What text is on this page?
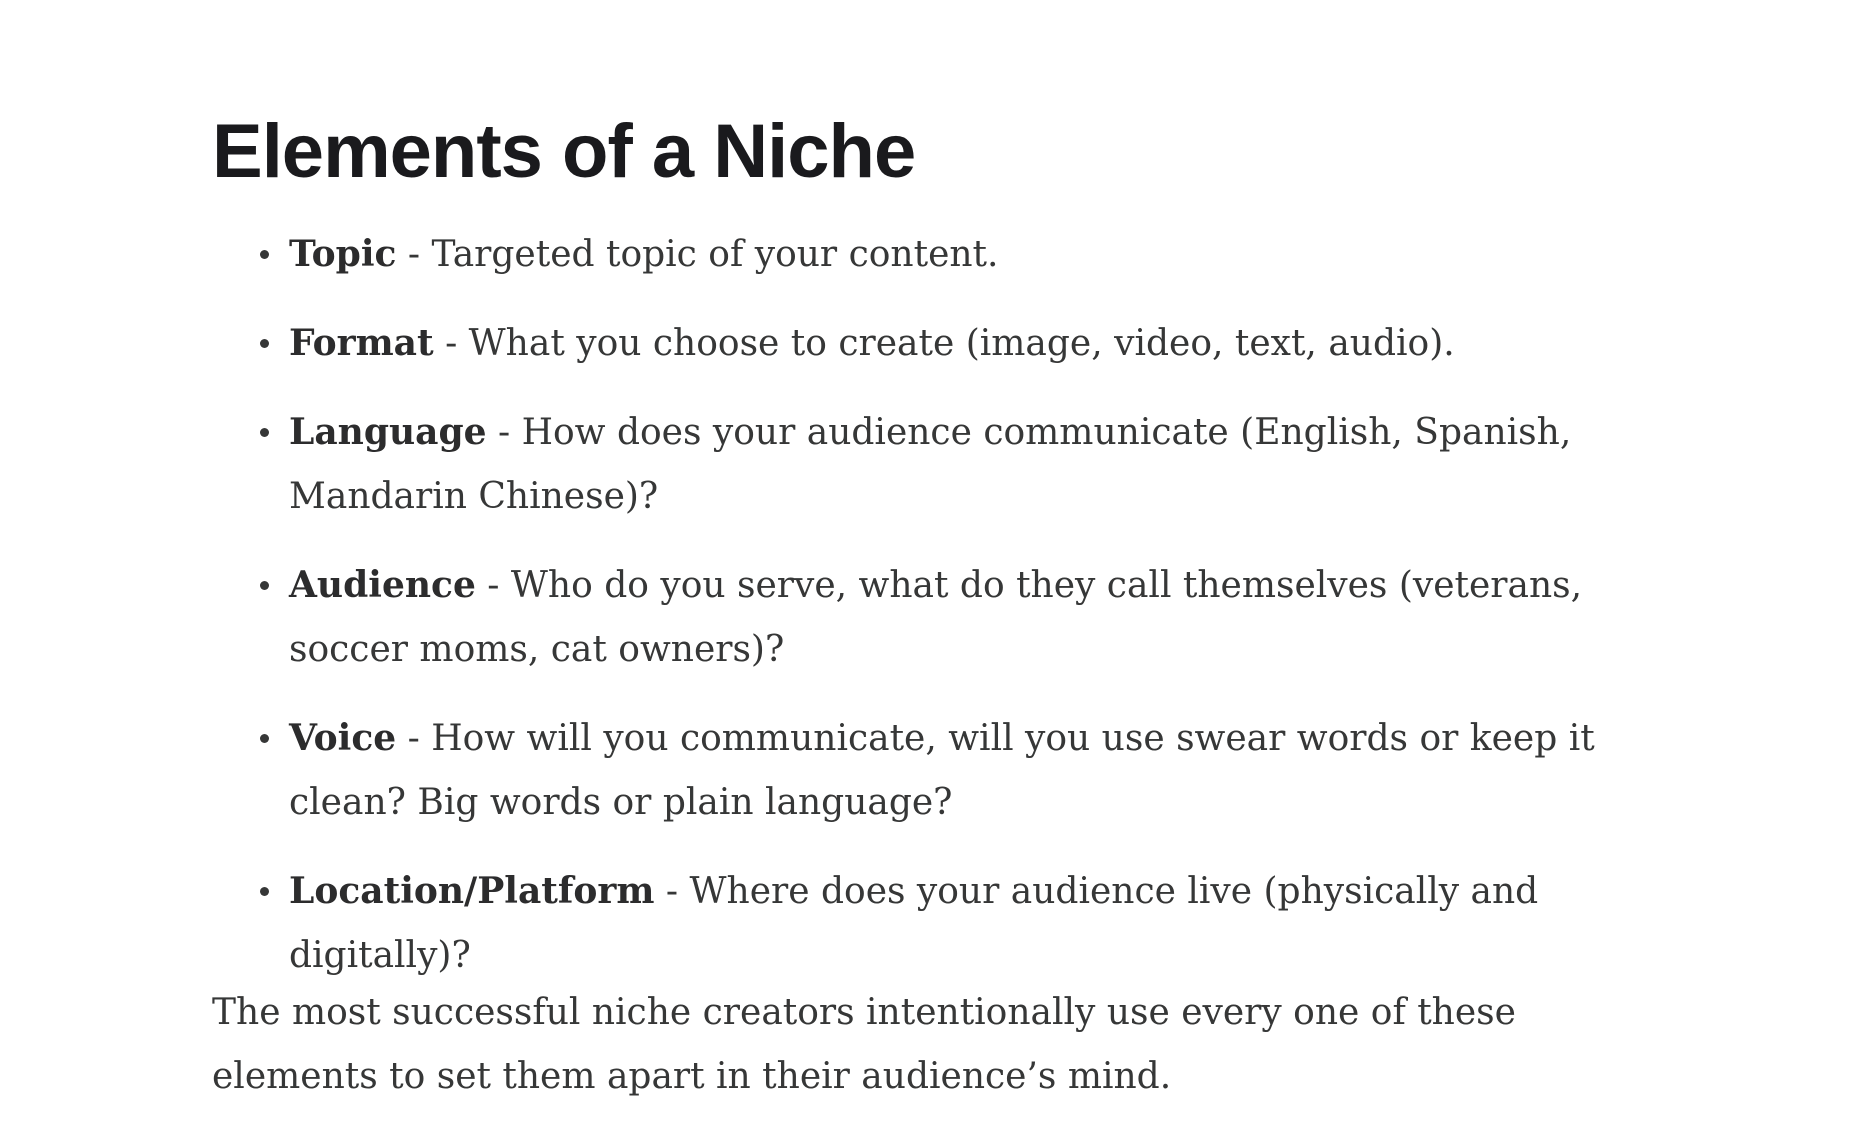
Elements of a Niche
Topic - Targeted topic of your content.
Format - What you choose to create (image, video, text, audio).
Language - How does your audience communicate (English, Spanish, Mandarin Chinese)?
Audience - Who do you serve, what do they call themselves (veterans, soccer moms, cat owners)?
Voice - How will you communicate, will you use swear words or keep it clean? Big words or plain language?
Location/Platform - Where does your audience live (physically and digitally)?

The most successful niche creators intentionally use every one of these elements to set them apart in their audience’s mind.
